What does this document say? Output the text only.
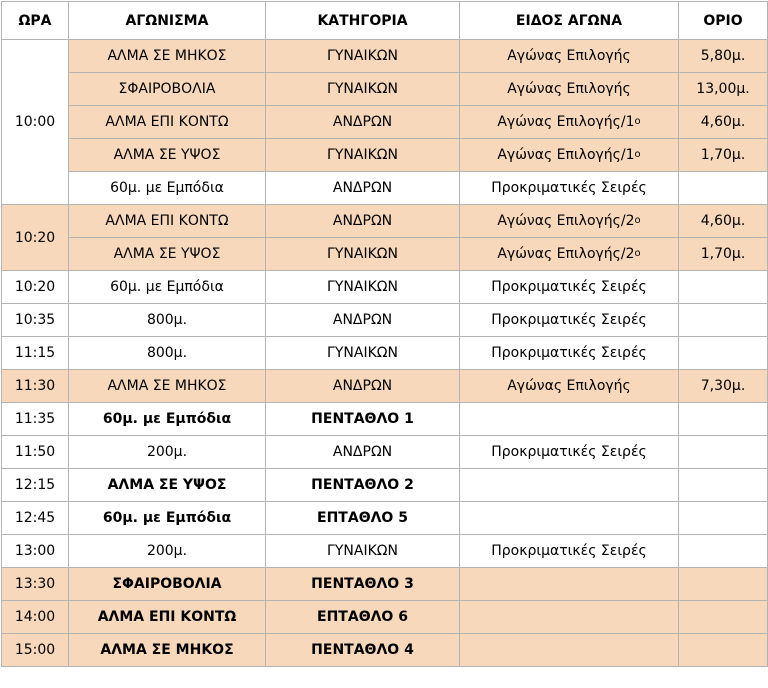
ΩΡΑ	ΑΓΩΝΙΣΜΑ	ΚΑΤΗΓΟΡΙΑ	ΕΙΔΟΣ ΑΓΩΝΑ	ΟΡΙΟ
10:00	ΑΛΜΑ ΣΕ ΜΗΚΟΣ	ΓΥΝΑΙΚΩΝ	Αγώνας Επιλογής	5,80μ.
	ΣΦΑΙΡΟΒΟΛΙΑ	ΓΥΝΑΙΚΩΝ	Αγώνας Επιλογής	13,00μ.
	ΑΛΜΑ ΕΠΙ ΚΟΝΤΩ	ΑΝΔΡΩΝ	Αγώνας Επιλογής/$1^o$	4,60μ.
	ΑΛΜΑ ΣΕ ΥΨΟΣ	ΓΥΝΑΙΚΩΝ	Αγώνας Επιλογής/$1^o$	1,70μ.
	60μ. με Εμπόδια	ΑΝΔΡΩΝ	Προκριματικές Σειρές	
10:20	ΑΛΜΑ ΕΠΙ ΚΟΝΤΩ	ΑΝΔΡΩΝ	Αγώνας Επιλογής/$2^o$	4,60μ.
	ΑΛΜΑ ΣΕ ΥΨΟΣ	ΓΥΝΑΙΚΩΝ	Αγώνας Επιλογής/$2^o$	1,70μ.
10:20	60μ. με Εμπόδια	ΓΥΝΑΙΚΩΝ	Προκριματικές Σειρές	
10:35	800μ.	ΑΝΔΡΩΝ	Προκριματικές Σειρές	
11:15	800μ.	ΓΥΝΑΙΚΩΝ	Προκριματικές Σειρές	
11:30	ΑΛΜΑ ΣΕ ΜΗΚΟΣ	ΑΝΔΡΩΝ	Αγώνας Επιλογής	7,30μ.
11:35	60μ. με Εμπόδια	ΠΕΝΤΑΘΛΟ 1		
11:50	200μ.	ΑΝΔΡΩΝ	Προκριματικές Σειρές	
12:15	ΑΛΜΑ ΣΕ ΥΨΟΣ	ΠΕΝΤΑΘΛΟ 2		
12:45	60μ. με Εμπόδια	ΕΠΤΑΘΛΟ 5		
13:00	200μ.	ΓΥΝΑΙΚΩΝ	Προκριματικές Σειρές	
13:30	ΣΦΑΙΡΟΒΟΛΙΑ	ΠΕΝΤΑΘΛΟ 3		
14:00	ΑΛΜΑ ΕΠΙ ΚΟΝΤΩ	ΕΠΤΑΘΛΟ 6		
15:00	ΑΛΜΑ ΣΕ ΜΗΚΟΣ	ΠΕΝΤΑΘΛΟ 4		
